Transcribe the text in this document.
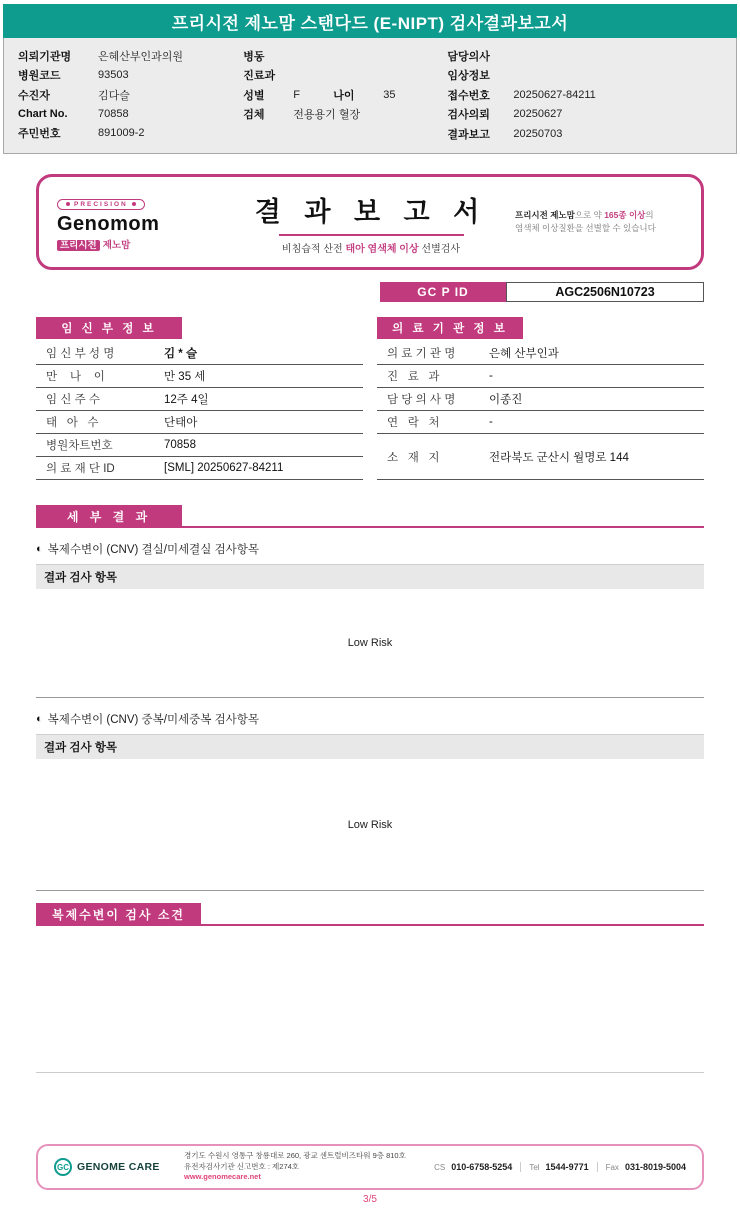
프리시전 제노맘 스탠다드 (E-NIPT) 검사결과보고서
의뢰기관명	은혜산부인과의원
병원코드	93503
수진자	김다슬
Chart No.	70858
주민번호	891009-2
병동
진료과
성별	F	나이	35
검체	전용용기 혈장
담당의사
임상정보
접수번호	20250627-84211
검사의뢰	20250627
결과보고	20250703
PRECISION
Genomom
프리시전 제노맘
결 과 보 고 서
비침습적 산전 태아 염색체 이상 선별검사
프리시전 제노맘으로 약 165종 이상의
염색체 이상질환을 선별할 수 있습니다
GC P ID	AGC2506N10723
임 신 부 정 보
임 신 부 성 명	김 * 슬
만    나    이	만 35 세
임 신 주 수	12주 4일
태   아   수	단태아
병원차트번호	70858
의 료 재 단 ID	[SML] 20250627-84211
의 료 기 관 정 보
의 료 기 관 명	은혜 산부인과
진   료   과	-
담 당 의 사 명	이종진
연   락   처	-
소   재   지	전라북도 군산시 월명로 144
세 부 결 과
◐ 복제수변이 (CNV) 결실/미세결실 검사항목
결과 검사 항목
Low Risk
◐ 복제수변이 (CNV) 중복/미세중복 검사항목
결과 검사 항목
Low Risk
복제수변이 검사 소견
GC GENOME CARE
경기도 수원시 영통구 창룡대로 260, 광교 센트럴비즈타워 9층 810호
유전자검사기관 신고번호 : 제274호
www.genomecare.net
CS 010-6758-5254 Tel 1544-9771 Fax 031-8019-5004
3/5
